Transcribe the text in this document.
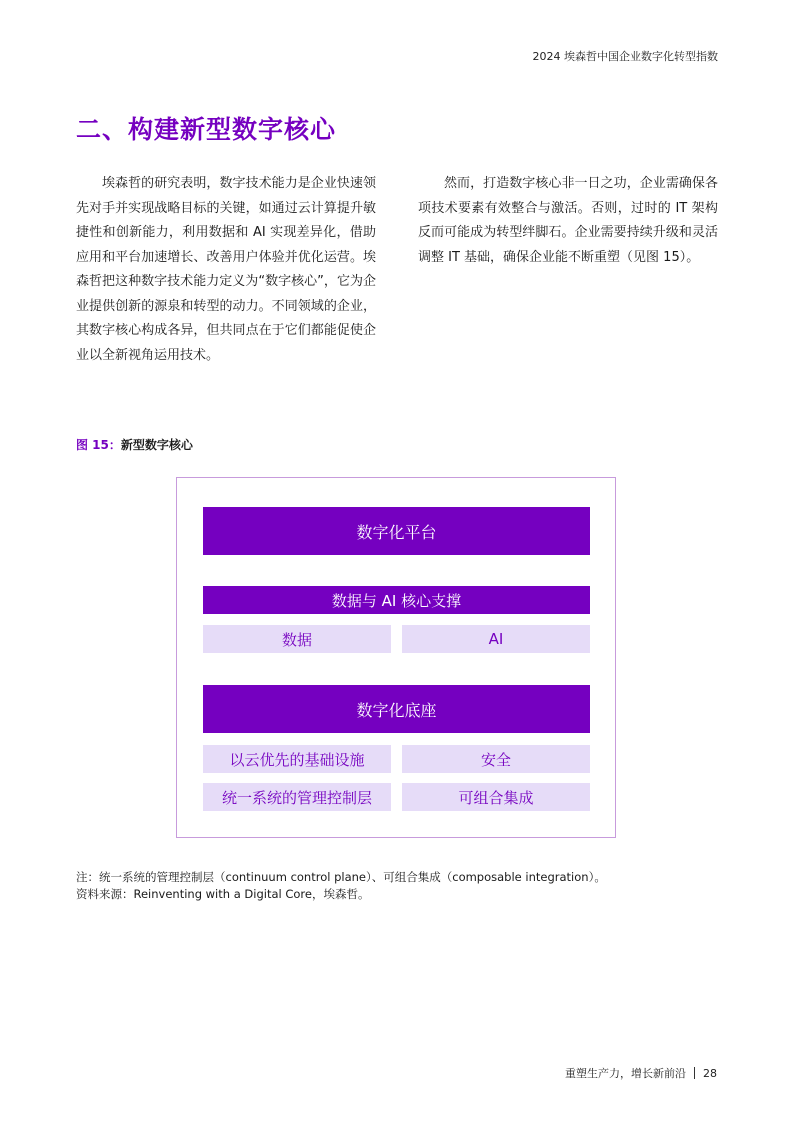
2024 埃森哲中国企业数字化转型指数
二、构建新型数字核心

埃森哲的研究表明，数字技术能力是企业快速领先对手并实现战略目标的关键，如通过云计算提升敏捷性和创新能力，利用数据和 AI 实现差异化，借助应用和平台加速增长、改善用户体验并优化运营。埃森哲把这种数字技术能力定义为“数字核心”，它为企业提供创新的源泉和转型的动力。不同领域的企业，其数字核心构成各异，但共同点在于它们都能促使企业以全新视角运用技术。

然而，打造数字核心非一日之功，企业需确保各项技术要素有效整合与激活。否则，过时的 IT 架构反而可能成为转型绊脚石。企业需要持续升级和灵活调整 IT 基础，确保企业能不断重塑（见图 15）。

图 15：新型数字核心
数字化平台
数据与 AI 核心支撑
数据	AI
数字化底座
以云优先的基础设施	安全
统一系统的管理控制层	可组合集成
注：统一系统的管理控制层（continuum control plane）、可组合集成（composable integration）。
资料来源：Reinventing with a Digital Core，埃森哲。
重塑生产力，增长新前沿 28
